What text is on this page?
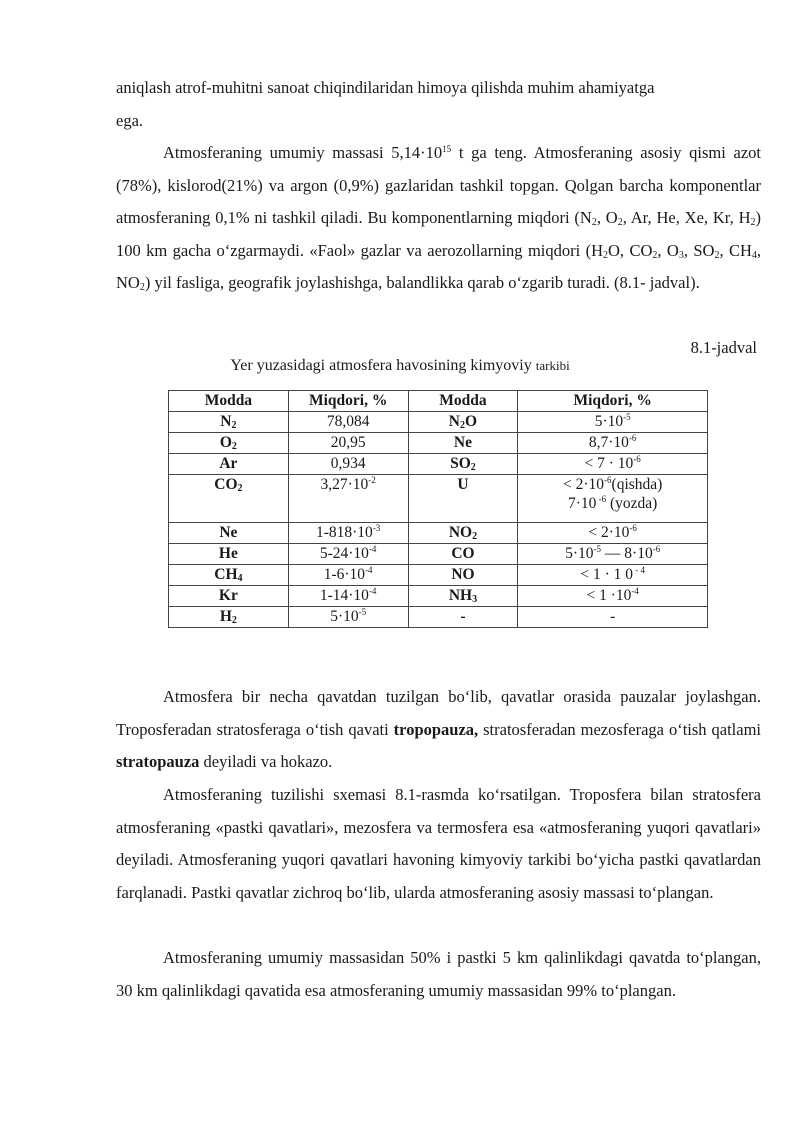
aniqlash atrof-muhitni sanoat chiqindilaridan himoya qilishda muhim ahamiyatga
ega.

Atmosferaning umumiy massasi $5,14\cdot 10^{15}$ t ga teng. Atmosferaning asosiy qismi azot (78%), kislorod(21%) va argon (0,9%) gazlaridan tashkil topgan. Qolgan barcha komponentlar atmosferaning 0,1% ni tashkil qiladi. Bu komponentlarning miqdori ($N_2$, $O_2$, Ar, He, Xe, Kr, $H_2$) 100 km gacha o‘zgarmaydi. «Faol» gazlar va aerozollarning miqdori ($H_2O$, $CO_2$, $O_3$, $SO_2$, $CH_4$, $NO_2$) yil fasliga, geografik joylashishga, balandlikka qarab o‘zgarib turadi. (8.1- jadval).

8.1-jadval
Yer yuzasidagi atmosfera havosining kimyoviy tarkibi
Modda	Miqdori, %	Modda	Miqdori, %
$N_2$	78,084	$N_2O$	$5\cdot 10^{-5}$
$O_2$	20,95	Ne	$8,7\cdot 10^{-6}$
Ar	0,934	$SO_2$	< $7 \cdot 10^{-6}$
$CO_2$	$3,27\cdot 10^{-2}$	U	< $2\cdot 10^{-6}(qishda)$
7·10 $^{-6}$ (yozda)
Ne	$1-818\cdot 10^{-3}$	$NO_2$	< $2\cdot 10^{-6}$
He	$5-24\cdot 10^{-4}$	CO	$5\cdot 10^{-5}$ — $8\cdot 10^{-6}$
$CH_4$	$1-6\cdot 10^{-4}$	NO	< 1 · 1 0 $^{- 4}$
Kr	$1-14\cdot 10^{-4}$	$NH_3$	< $1 \cdot 10^{-4}$
$H_2$	$5\cdot 10^{-5}$	-	-

Atmosfera bir necha qavatdan tuzilgan bo‘lib, qavatlar orasida pauzalar joylashgan. Troposferadan stratosferaga o‘tish qavati tropopauza, stratosferadan mezosferaga o‘tish qatlami stratopauza deyiladi va hokazo.

Atmosferaning tuzilishi sxemasi 8.1-rasmda ko‘rsatilgan. Troposfera bilan stratosfera atmosferaning «pastki qavatlari», mezosfera va termosfera esa «atmosferaning yuqori qavatlari» deyiladi. Atmosferaning yuqori qavatlari havoning kimyoviy tarkibi bo‘yicha pastki qavatlardan farqlanadi. Pastki qavatlar zichroq bo‘lib, ularda atmosferaning asosiy massasi to‘plangan.

Atmosferaning umumiy massasidan 50% i pastki 5 km qalinlikdagi qavatda to‘plangan, 30 km qalinlikdagi qavatida esa atmosferaning umumiy massasidan 99% to‘plangan.
